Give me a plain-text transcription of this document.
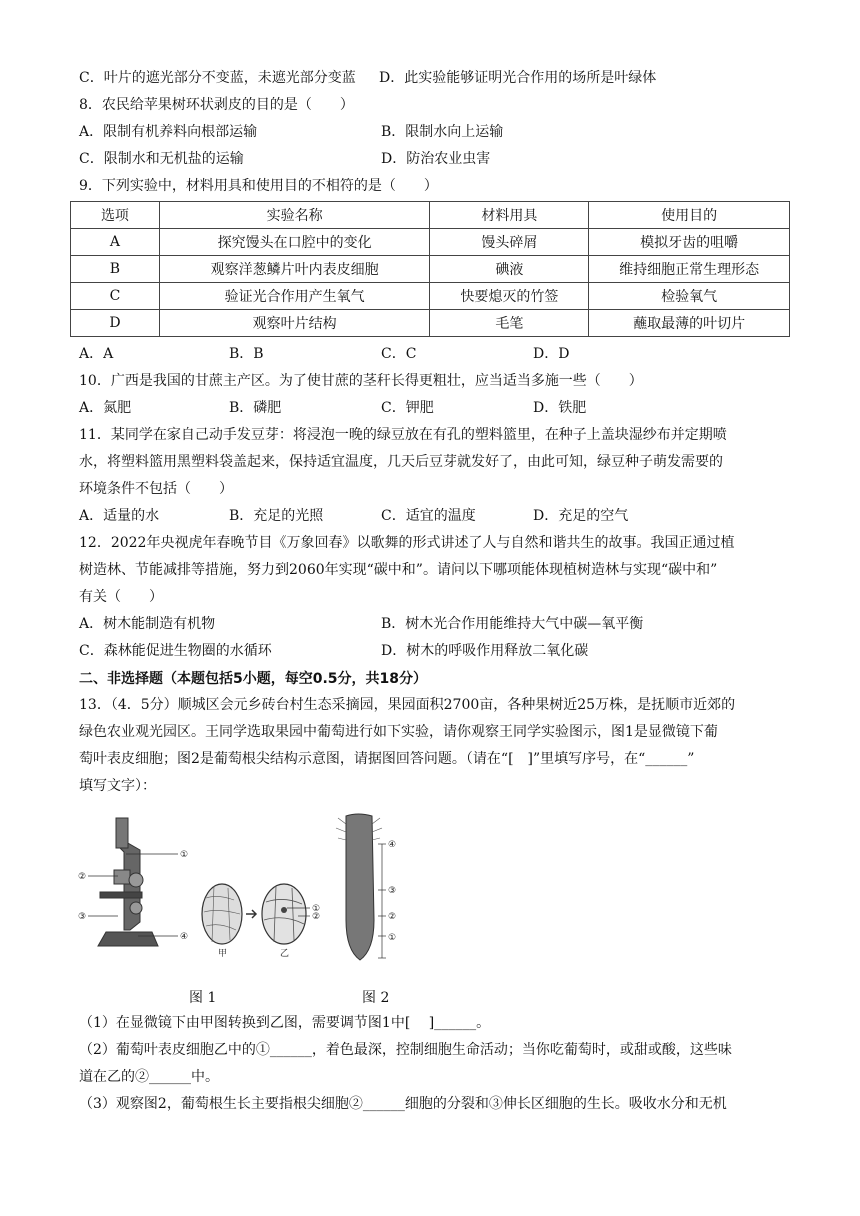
C．叶片的遮光部分不变蓝，未遮光部分变蓝 D．此实验能够证明光合作用的场所是叶绿体
8．农民给苹果树环状剥皮的目的是（　　）
A．限制有机养料向根部运输	B．限制水向上运输
C．限制水和无机盐的运输	D．防治农业虫害
9．下列实验中，材料用具和使用目的不相符的是（　　）
选项	实验名称	材料用具	使用目的
A	探究馒头在口腔中的变化	馒头碎屑	模拟牙齿的咀嚼
B	观察洋葱鳞片叶内表皮细胞	碘液	维持细胞正常生理形态
C	验证光合作用产生氧气	快要熄灭的竹签	检验氧气
D	观察叶片结构	毛笔	蘸取最薄的叶切片
A．A	B．B	C．C	D．D
10．广西是我国的甘蔗主产区。为了使甘蔗的茎秆长得更粗壮，应当适当多施一些（　　）
A．氮肥	B．磷肥	C．钾肥	D．铁肥
11．某同学在家自己动手发豆芽：将浸泡一晚的绿豆放在有孔的塑料篮里，在种子上盖块湿纱布并定期喷
水，将塑料篮用黑塑料袋盖起来，保持适宜温度，几天后豆芽就发好了，由此可知，绿豆种子萌发需要的
环境条件不包括（　　）
A．适量的水	B．充足的光照	C．适宜的温度	D．充足的空气
12．2022年央视虎年春晚节目《万象回春》以歌舞的形式讲述了人与自然和谐共生的故事。我国正通过植
树造林、节能减排等措施，努力到2060年实现“碳中和”。请问以下哪项能体现植树造林与实现“碳中和”
有关（　　）
A．树木能制造有机物	B．树木光合作用能维持大气中碳—氧平衡
C．森林能促进生物圈的水循环	D．树木的呼吸作用释放二氧化碳
二、非选择题（本题包括5小题，每空0.5分，共18分）
13．（4．5分）顺城区会元乡砖台村生态采摘园，果园面积2700亩，各种果树近25万株，是抚顺市近郊的
绿色农业观光园区。王同学选取果园中葡萄进行如下实验，请你观察王同学实验图示，图1是显微镜下葡
萄叶表皮细胞；图2是葡萄根尖结构示意图，请据图回答问题。（请在“[　]”里填写序号，在“______”
填写文字）：
①
②
③
④
①
②
甲	乙
④
③
②
①
图 1	图 2
（1）在显微镜下由甲图转换到乙图，需要调节图1中[　 ]______。
（2）葡萄叶表皮细胞乙中的①______，着色最深，控制细胞生命活动；当你吃葡萄时，或甜或酸，这些味
道在乙的②______中。
（3）观察图2，葡萄根生长主要指根尖细胞②______细胞的分裂和③伸长区细胞的生长。吸收水分和无机
